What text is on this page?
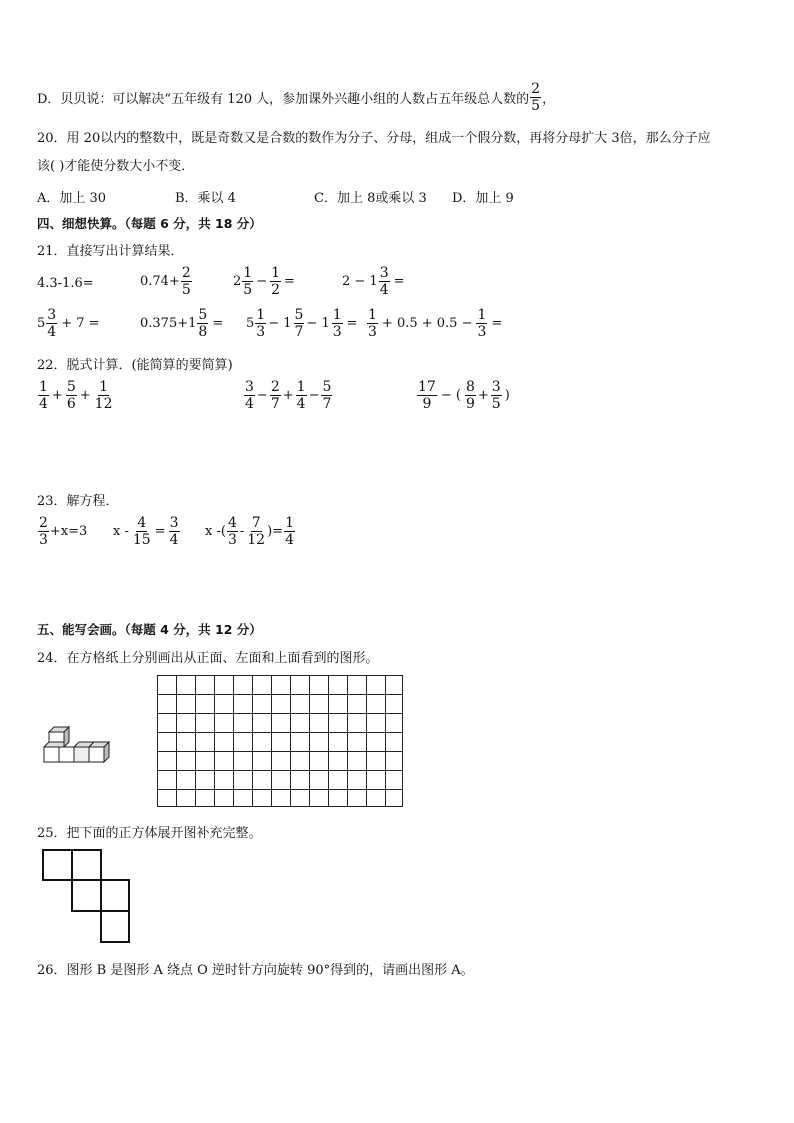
D．贝贝说：可以解决“五年级有 120 人，参加课外兴趣小组的人数占五年级总人数的 $\frac{2}{5}$ ，
20．用 20以内的整数中，既是奇数又是合数的数作为分子、分母，组成一个假分数，再将分母扩大 3倍，那么分子应
该( )才能使分数大小不变．
A．加上 30	B．乘以 4	C．加上 8或乘以 3 D．加上 9
四、细想快算。（每题 6 分，共 18 分）
21．直接写出计算结果．
4.3-1.6=	$0.74+ \frac{2}{5}$	$2 \frac{1}{5} - \frac{1}{2}$ =	$2 - 1 \frac{3}{4}$ =
$5 \frac{3}{4} + 7$ =	$0.375+1 \frac{5}{8} = 5 \frac{1}{3} - 1 \frac{5}{7} - 1 \frac{1}{3} = \frac{1}{3} + 0.5 + 0.5 - \frac{1}{3}$ =
22．脱式计算．(能简算的要简算)
$\frac{1}{4} + \frac{5}{6} + \frac{1}{12}$	$\frac{3}{4} - \frac{2}{7} + \frac{1}{4} - \frac{5}{7}$	$\frac{17}{9}$ − ( $\frac{8}{9} + \frac{3}{5}$ )
23．解方程．
$\frac{2}{3} +x=3$ $x - \frac{4}{15} = \frac{3}{4}$ x -( $\frac{4}{3} - \frac{7}{12}$ )= $\frac{1}{4}$
五、能写会画。（每题 4 分，共 12 分）
24．在方格纸上分别画出从正面、左面和上面看到的图形。
25．把下面的正方体展开图补充完整。
26．图形 B 是图形 A 绕点 O 逆时针方向旋转 90°得到的，请画出图形 A。
